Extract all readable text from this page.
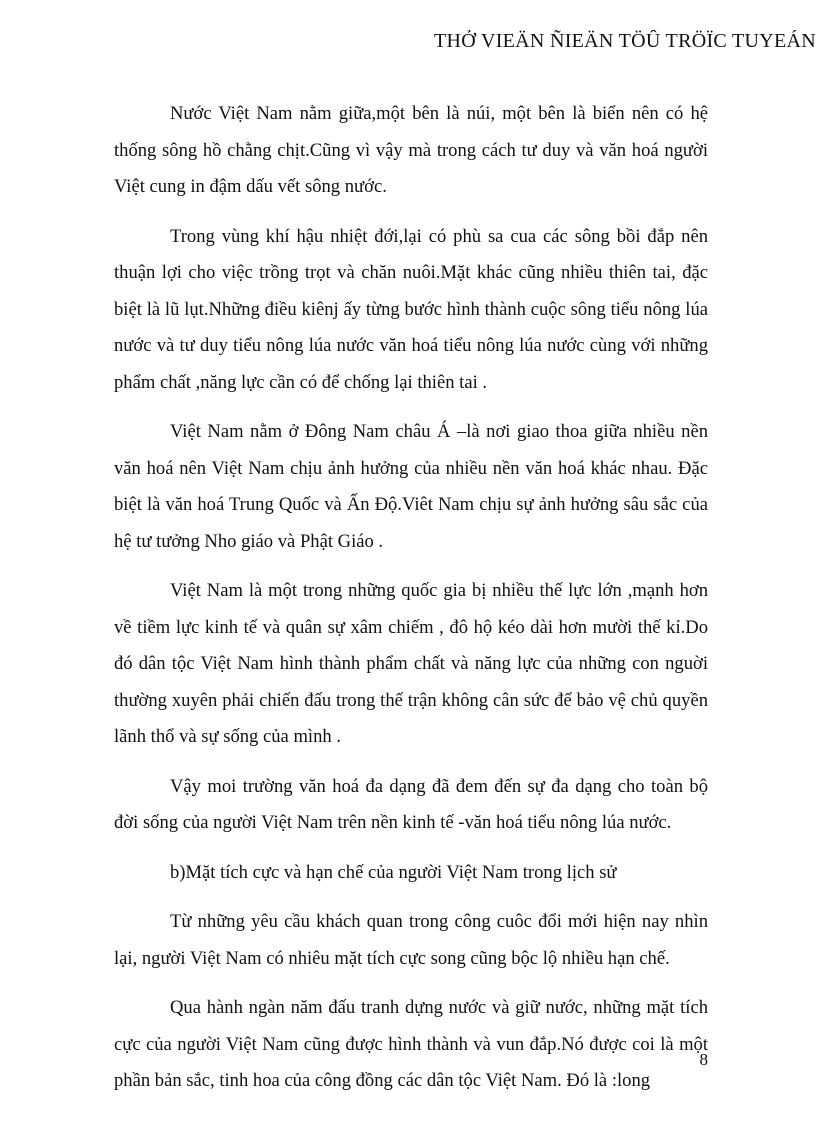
THỞ VIEÄN ÑIEÄN TÖÛ TRÖÏC TUYEÁN

Nước Việt Nam nằm giữa,một bên là núi, một bên là biển nên có hệ thống sông hồ chằng chịt.Cũng vì vậy mà trong cách tư duy và văn hoá người Việt cung in đậm dấu vết sông nước.

Trong vùng khí hậu nhiệt đới,lại có phù sa cua các sông bồi đắp nên thuận lợi cho việc trồng trọt và chăn nuôi.Mặt khác cũng nhiều thiên tai, đặc biệt là lũ lụt.Những điều kiênj ấy từng bước hình thành cuộc sông tiểu nông lúa nước và tư duy tiểu nông lúa nước văn hoá tiểu nông lúa nước cùng với những phẩm chất ,năng lực cần có để chống lại thiên tai .

Việt Nam nằm ở Đông Nam châu Á –là nơi giao thoa giữa nhiều nền văn hoá nên Việt Nam chịu ảnh hưởng của nhiều nền văn hoá khác nhau. Đặc biệt là văn hoá Trung Quốc và Ấn Độ.Viêt Nam chịu sự ảnh hưởng sâu sắc của hệ tư tưởng Nho giáo và Phật Giáo .

Việt Nam là một trong những quốc gia bị nhiều thế lực lớn ,mạnh hơn về tiềm lực kinh tế và quân sự xâm chiếm , đô hộ kéo dài hơn mười thế kỉ.Do đó dân tộc Việt Nam hình thành phẩm chất và năng lực của những con nguời thường xuyên phải chiến đấu trong thế trận không cân sức để bảo vệ chủ quyền lãnh thổ và sự sống của mình .

Vậy moi trường văn hoá đa dạng đã đem đến sự đa dạng cho toàn bộ đời sống của người Việt Nam trên nền kinh tế -văn hoá tiểu nông lúa nước.

b)Mặt tích cực và hạn chế của người Việt Nam trong lịch sử

Từ những yêu cầu khách quan trong công cuôc đổi mới hiện nay nhìn lại, người Việt Nam có nhiêu mặt tích cực song cũng bộc lộ nhiều hạn chế.

Qua hành ngàn năm đấu tranh dựng nước và giữ nước, những mặt tích cực của người Việt Nam cũng được hình thành và vun đắp.Nó được coi là một phần bản sắc, tinh hoa của công đồng các dân tộc Việt Nam. Đó là :long

8
